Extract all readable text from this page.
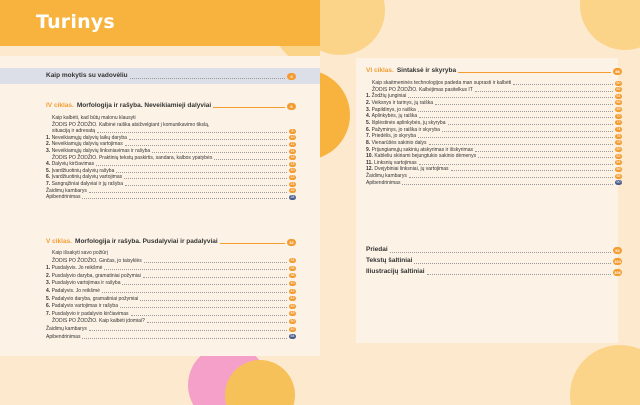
Turinys
Kaip mokytis su vadovėliu	4
IV ciklas. Morfologija ir rašyba. Neveikiamieji dalyviai	6
Kaip kalbėti, kad būtų malonu klausyti
ŽODIS PO ŽODŽIO. Kalbinė raiška atsižvelgiant į komunikavimo tikslą,
situaciją ir adresatą	8
1. Neveikiamųjų dalyvių laikų daryba	10
2. Neveikiamųjų dalyvių vartojimas	12
3. Neveikiamųjų dalyvių linksniavimas ir rašyba	14
ŽODIS PO ŽODŽIO. Praktinių tekstų paskirtis, sandara, kalbos ypatybės	16
4. Dalyvių kirčiavimas	18
5. Įvardžiuotinių dalyvių rašyba	20
6. Įvardžiuotinių dalyvių vartojimas	22
7. Sangrąžiniai dalyviai ir jų rašyba	24
Žaidimų kambarys	26
Apibendrinimas	28
V ciklas. Morfologija ir rašyba. Pusdalyviai ir padalyviai	32
Kaip išsakyti savo požiūrį
ŽODIS PO ŽODŽIO. Ginčas, jo taisyklės	34
1. Pusdalyvis. Jo reikšmė	36
2. Pusdalyvio daryba, gramatiniai požymiai	38
3. Pusdalyvio vartojimas ir rašyba	40
4. Padalyvis. Jo reikšmė	42
5. Padalyvio daryba, gramatiniai požymiai	44
6. Padalyvio vartojimas ir rašyba	46
7. Pusdalyvio ir padalyvio kirčiavimas	48
ŽODIS PO ŽODŽIO. Kaip kalbėti įdomiai?	50
Žaidimų kambarys	52
Apibendrinimas	54
VI ciklas. Sintaksė ir skyryba	58
Kaip skaitmeninės technologijos padeda man suprasti ir kalbėti	60
ŽODIS PO ŽODŽIO. Kalbėjimas pasitelkus IT	62
1. Žodžių junginiai	64
2. Veiksnys ir tarinys, jų raiška	66
3. Papildinys, jo raiška	68
4. Aplinkybės, jų raiška	70
5. Išplėstinės aplinkybės, jų skyryba	72
6. Pažyminys, jo raiška ir skyryba	74
7. Priedėlis, jo skyryba	76
8. Vienarūšės sakinio dalys	78
9. Prijungiamųjų sakinių atskyrimas ir išskyrimas	80
10. Kableliu skiriami bejungtukio sakinio dėmenys	82
11. Linksnių vartojimas	84
12. Dvejybiniai linksniai, jų vartojimas	86
Žaidimų kambarys	88
Apibendrinimas	90
Priedai	92
Tekstų šaltiniai	104
Iliustracijų šaltiniai	106
